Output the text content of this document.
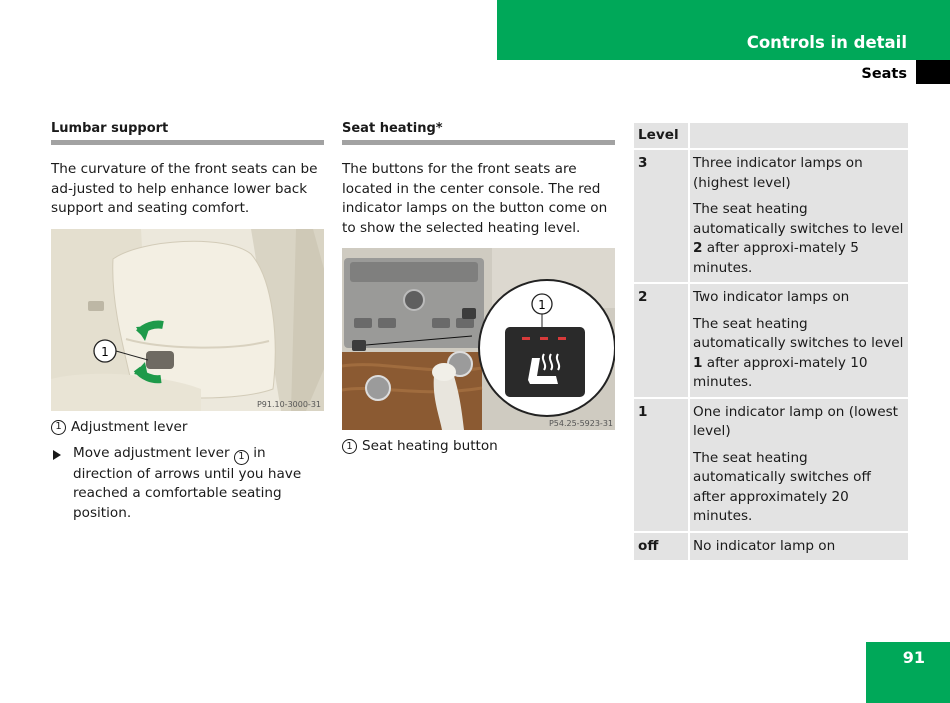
Controls in detail
Seats
Lumbar support

The curvature of the front seats can be ad-justed to help enhance lower back support and seating comfort.

1
P91.10-3000-31
1 Adjustment lever
Move adjustment lever 1 in direction of arrows until you have reached a comfortable seating position.
Seat heating*

The buttons for the front seats are located in the center console. The red indicator lamps on the button come on to show the selected heating level.

1
P54.25-5923-31
1 Seat heating button
Level
3	Three indicator lamps on (highest level)

The seat heating automatically switches to level 2 after approxi-mately 5 minutes.

2	Two indicator lamps on

The seat heating automatically switches to level 1 after approxi-mately 10 minutes.

1	One indicator lamp on (lowest level)

The seat heating automatically switches off after approximately 20 minutes.

off	No indicator lamp on

91
